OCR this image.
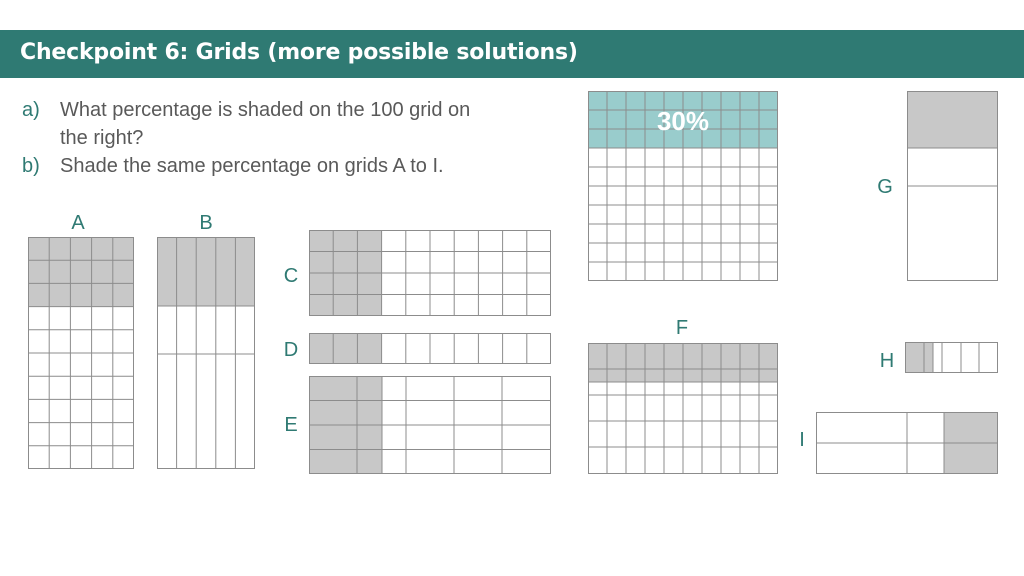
Checkpoint 6: Grids (more possible solutions)
a) What percentage is shaded on the 100 grid on
the right?
b) Shade the same percentage on grids A to I.
A	B
C
D
E
F
G
H
I
30%
